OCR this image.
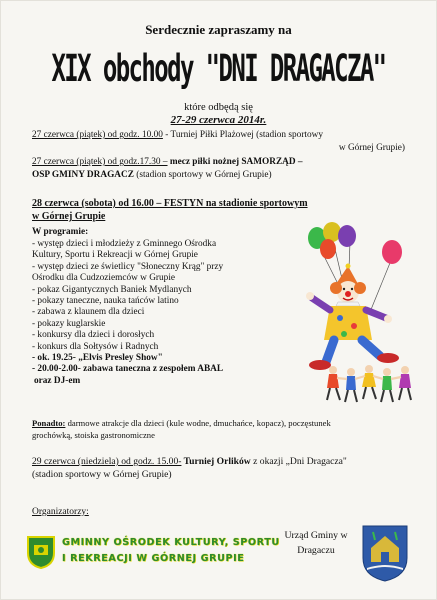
Serdecznie zapraszamy na
XIX obchody "DNI DRAGACZA"
które odbędą się
27-29 czerwca 2014r.
27 czerwca (piątek) od godz. 10.00 - Turniej Piłki Plażowej (stadion sportowy
w Górnej Grupie)
27 czerwca (piątek) od godz.17.30 – mecz piłki nożnej SAMORZĄD –
OSP GMINY DRAGACZ (stadion sportowy w Górnej Grupie)
28 czerwca (sobota) od 16.00 – FESTYN na stadionie sportowym
w Górnej Grupie
W programie:
- występ dzieci i młodzieży z Gminnego Ośrodka
Kultury, Sportu i Rekreacji w Górnej Grupie
- występ dzieci ze świetlicy "Słoneczny Krąg" przy
Ośrodku dla Cudzoziemców w Grupie
- pokaz Gigantycznych Baniek Mydlanych
- pokazy taneczne, nauka tańców latino
- zabawa z klaunem dla dzieci
- pokazy kuglarskie
- konkursy dla dzieci i dorosłych
- konkurs dla Sołtysów i Radnych
- ok. 19.25- „Elvis Presley Show"
- 20.00-2.00- zabawa taneczna z zespołem ABAL
oraz DJ-em
Ponadto: darmowe atrakcje dla dzieci (kule wodne, dmuchańce, kopacz), poczęstunek
grochówką, stoiska gastronomiczne
29 czerwca (niedziela) od godz. 15.00- Turniej Orlików z okazji „Dni Dragacza"
(stadion sportowy w Górnej Grupie)
Organizatorzy:
GMINNY OŚRODEK KULTURY, SPORTU
I REKREACJI W GÓRNEJ GRUPIE
Urząd Gminy w
Dragaczu
